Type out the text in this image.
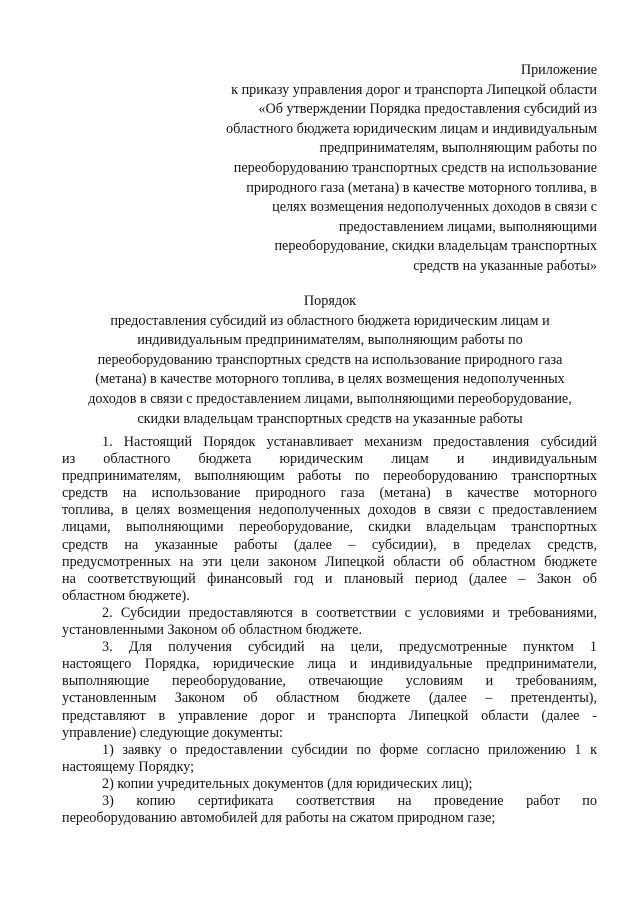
Приложение
к приказу управления дорог и транспорта Липецкой области
«Об утверждении Порядка предоставления субсидий из
областного бюджета юридическим лицам и индивидуальным
предпринимателям, выполняющим работы по
переоборудованию транспортных средств на использование
природного газа (метана) в качестве моторного топлива, в
целях возмещения недополученных доходов в связи с
предоставлением лицами, выполняющими
переоборудование, скидки владельцам транспортных
средств на указанные работы»
Порядок
предоставления субсидий из областного бюджета юридическим лицам и
индивидуальным предпринимателям, выполняющим работы по
переоборудованию транспортных средств на использование природного газа
(метана) в качестве моторного топлива, в целях возмещения недополученных
доходов в связи с предоставлением лицами, выполняющими переоборудование,
скидки владельцам транспортных средств на указанные работы
1. Настоящий Порядок устанавливает механизм предоставления субсидий
из областного бюджета юридическим лицам и индивидуальным
предпринимателям, выполняющим работы по переоборудованию транспортных
средств на использование природного газа (метана) в качестве моторного
топлива, в целях возмещения недополученных доходов в связи с предоставлением
лицами, выполняющими переоборудование, скидки владельцам транспортных
средств на указанные работы (далее – субсидии), в пределах средств,
предусмотренных на эти цели законом Липецкой области об областном бюджете
на соответствующий финансовый год и плановый период (далее – Закон об
областном бюджете).
2. Субсидии предоставляются в соответствии с условиями и требованиями,
установленными Законом об областном бюджете.
3. Для получения субсидий на цели, предусмотренные пунктом 1
настоящего Порядка, юридические лица и индивидуальные предприниматели,
выполняющие переоборудование, отвечающие условиям и требованиям,
установленным Законом об областном бюджете (далее – претенденты),
представляют в управление дорог и транспорта Липецкой области (далее -
управление) следующие документы:
1) заявку о предоставлении субсидии по форме согласно приложению 1 к
настоящему Порядку;
2) копии учредительных документов (для юридических лиц);
3) копию сертификата соответствия на проведение работ по
переоборудованию автомобилей для работы на сжатом природном газе;
